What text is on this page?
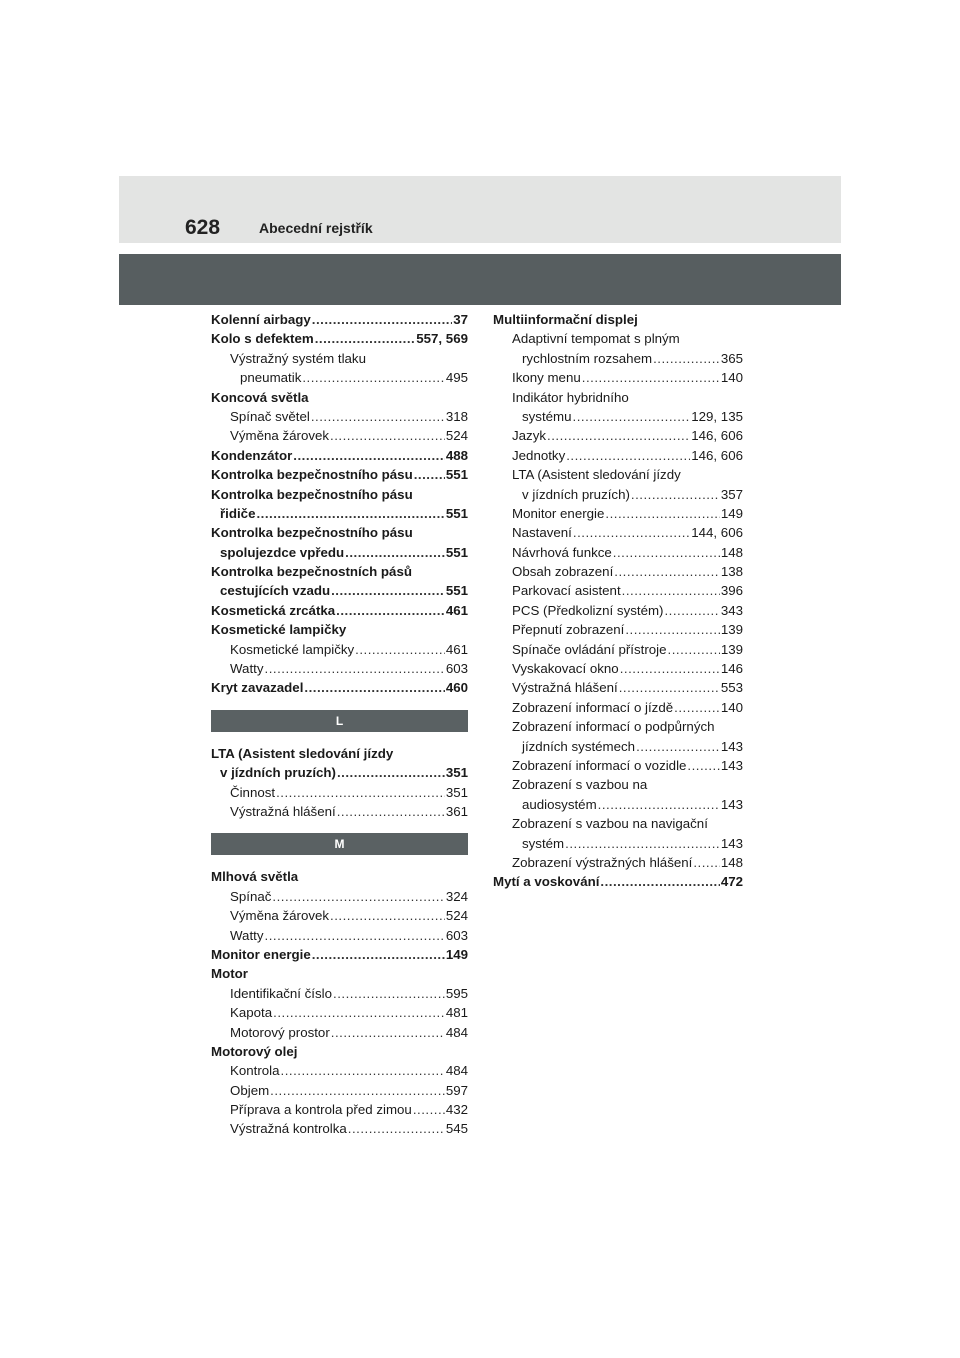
628	Abecední rejstřík
Kolenní airbagy . . .	37
Kolo s defektem . . .	557, 569
Výstražný systém tlaku
pneumatik . . .	495
Koncová světla
Spínač světel . . .	318
Výměna žárovek . . .	524
Kondenzátor . . .	488
Kontrolka bezpečnostního pásu . . . 551
Kontrolka bezpečnostního pásu
řidiče . . .	551
Kontrolka bezpečnostního pásu
spolujezdce vpředu . . .	551
Kontrolka bezpečnostních pásů
cestujících vzadu . . .	551
Kosmetická zrcátka . . .	461
Kosmetické lampičky
Kosmetické lampičky . . .	461
Watty . . .	603
Kryt zavazadel . . .	460
L
LTA (Asistent sledování jízdy
v jízdních pruzích) . . .	351
Činnost . . .	351
Výstražná hlášení . . .	361
M
Mlhová světla
Spínač . . .	324
Výměna žárovek . . .	524
Watty . . .	603
Monitor energie . . .	149
Motor
Identifikační číslo . . .	595
Kapota . . .	481
Motorový prostor . . .	484
Motorový olej
Kontrola . . .	484
Objem . . .	597
Příprava a kontrola před zimou . . .	432
Výstražná kontrolka . . .	545
Multiinformační displej
Adaptivní tempomat s plným
rychlostním rozsahem . . .	365
Ikony menu . . .	140
Indikátor hybridního
systému . . .	129, 135
Jazyk . . .	146, 606
Jednotky . . .	146, 606
LTA (Asistent sledování jízdy
v jízdních pruzích) . . .	357
Monitor energie . . .	149
Nastavení . . .	144, 606
Návrhová funkce . . .	148
Obsah zobrazení . . .	138
Parkovací asistent . . .	396
PCS (Předkolizní systém) . . .	343
Přepnutí zobrazení . . .	139
Spínače ovládání přístroje . . .	139
Vyskakovací okno . . .	146
Výstražná hlášení . . .	553
Zobrazení informací o jízdě . . .	140
Zobrazení informací o podpůrných
jízdních systémech . . .	143
Zobrazení informací o vozidle . . .	143
Zobrazení s vazbou na
audiosystém . . .	143
Zobrazení s vazbou na navigační
systém . . .	143
Zobrazení výstražných hlášení . . . 148
Mytí a voskování . . .	472
